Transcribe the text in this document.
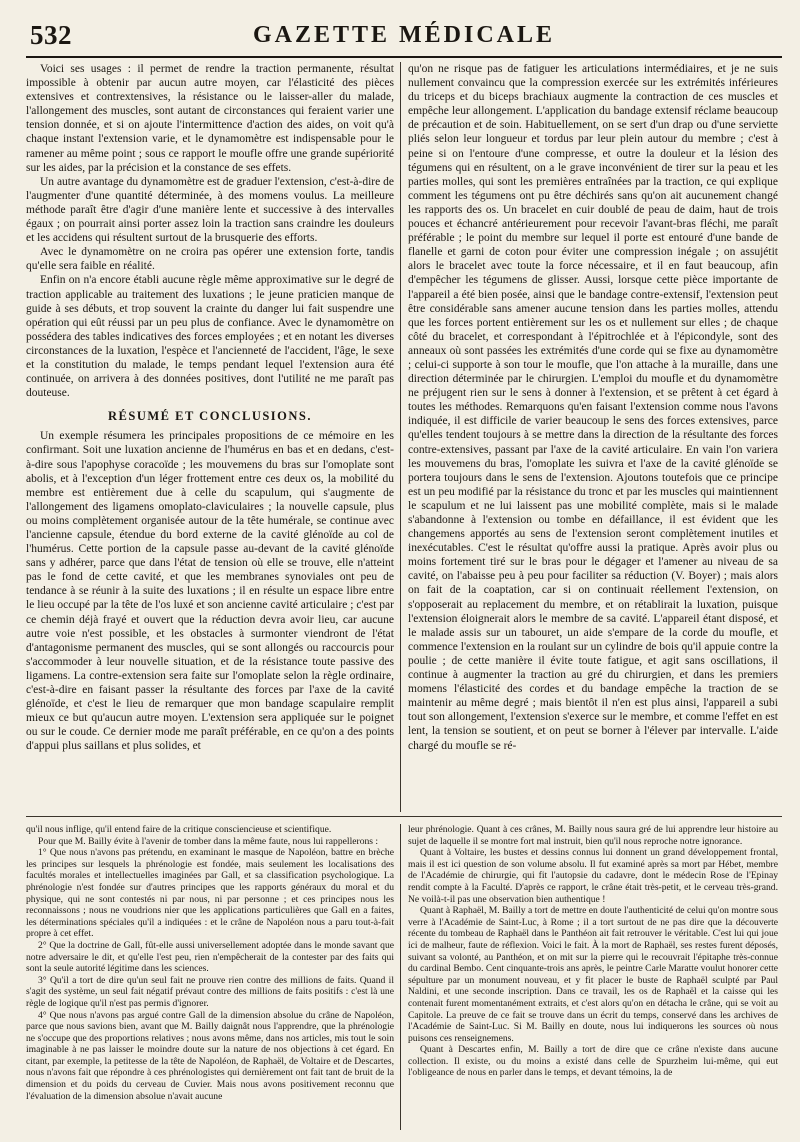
532	GAZETTE MÉDICALE

Voici ses usages : il permet de rendre la traction permanente, résultat impossible à obtenir par aucun autre moyen, car l'élasticité des pièces extensives et contrextensives, la résistance ou le laisser-aller du malade, l'allongement des muscles, sont autant de circonstances qui feraient varier une tension donnée, et si on ajoute l'intermittence d'action des aides, on voit qu'à chaque instant l'extension varie, et le dynamomètre est indispensable pour le ramener au même point ; sous ce rapport le moufle offre une grande supériorité sur les aides, par la précision et la constance de ses effets.

Un autre avantage du dynamomètre est de graduer l'extension, c'est-à-dire de l'augmenter d'une quantité déterminée, à des momens voulus. La meilleure méthode paraît être d'agir d'une manière lente et successive à des intervalles égaux ; on pourrait ainsi porter assez loin la traction sans craindre les douleurs et les accidens qui résultent surtout de la brusquerie des efforts.

Avec le dynamomètre on ne croira pas opérer une extension forte, tandis qu'elle sera faible en réalité.

Enfin on n'a encore établi aucune règle même approximative sur le degré de traction applicable au traitement des luxations ; le jeune praticien manque de guide à ses débuts, et trop souvent la crainte du danger lui fait suspendre une opération qui eût réussi par un peu plus de confiance. Avec le dynamomètre on posséderа des tables indicatives des forces employées ; et en notant les diverses circonstances de la luxation, l'espèce et l'ancienneté de l'accident, l'âge, le sexe et la constitution du malade, le temps pendant lequel l'extension aura été continuée, on arrivera à des données positives, dont l'utilité ne me paraît pas douteuse.

RÉSUMÉ ET CONCLUSIONS.

Un exemple résumera les principales propositions de ce mémoire en les confirmant. Soit une luxation ancienne de l'humérus en bas et en dedans, c'est-à-dire sous l'apophyse coracoïde ; les mouvemens du bras sur l'omoplate sont abolis, et à l'exception d'un léger frottement entre ces deux os, la mobilité du membre est entièrement due à celle du scapulum, qui s'augmente de l'allongement des ligamens omoplato-claviculaires ; la nouvelle capsule, plus ou moins complètement organisée autour de la tête humérale, se continue avec l'ancienne capsule, étendue du bord externe de la cavité glénoïde au col de l'humérus. Cette portion de la capsule passe au-devant de la cavité glénoïde sans y adhérer, parce que dans l'état de tension où elle se trouve, elle n'atteint pas le fond de cette cavité, et que les membranes synoviales ont peu de tendance à se réunir à la suite des luxations ; il en résulte un espace libre entre le lieu occupé par la tête de l'os luxé et son ancienne cavité articulaire ; c'est par ce chemin déjà frayé et ouvert que la réduction devra avoir lieu, car aucune autre voie n'est possible, et les obstacles à surmonter viendront de l'état d'antagonisme permanent des muscles, qui se sont allongés ou raccourcis pour s'accommoder à leur nouvelle situation, et de la résistance toute passive des ligamens. La contre-extension sera faite sur l'omoplate selon la règle ordinaire, c'est-à-dire en faisant passer la résultante des forces par l'axe de la cavité glénoïde, et c'est le lieu de remarquer que mon bandage scapulaire remplit mieux ce but qu'aucun autre moyen. L'extension sera appliquée sur le poignet ou sur le coude. Ce dernier mode me paraît préférable, en ce qu'on a des points d'appui plus saillans et plus solides, et

qu'on ne risque pas de fatiguer les articulations intermédiaires, et je ne suis nullement convaincu que la compression exercée sur les extrémités inférieures du triceps et du biceps brachiaux augmente la contraction de ces muscles et empêche leur allongement. L'application du bandage extensif réclame beaucoup de précaution et de soin. Habituellement, on se sert d'un drap ou d'une serviette pliés selon leur longueur et tordus par leur plein autour du membre ; c'est à peine si on l'entoure d'une compresse, et outre la douleur et la lésion des tégumens qui en résultent, on a le grave inconvénient de tirer sur la peau et les parties molles, qui sont les premières entraînées par la traction, ce qui explique comment les tégumens ont pu être déchirés sans qu'on ait aucunement changé les rapports des os. Un bracelet en cuir doublé de peau de daim, haut de trois pouces et échancré antérieurement pour recevoir l'avant-bras fléchi, me paraît préférable ; le point du membre sur lequel il porte est entouré d'une bande de flanelle et garni de coton pour éviter une compression inégale ; on assujétit alors le bracelet avec toute la force nécessaire, et il en faut beaucoup, afin d'empêcher les tégumens de glisser. Aussi, lorsque cette pièce importante de l'appareil a été bien posée, ainsi que le bandage contre-extensif, l'extension peut être considérable sans amener aucune tension dans les parties molles, attendu que les forces portent entièrement sur les os et nullement sur elles ; de chaque côté du bracelet, et correspondant à l'épitrochlée et à l'épicondyle, sont des anneaux où sont passées les extrémités d'une corde qui se fixe au dynamomètre ; celui-ci supporte à son tour le moufle, que l'on attache à la muraille, dans une direction déterminée par le chirurgien. L'emploi du moufle et du dynamomètre ne préjugent rien sur le sens à donner à l'extension, et se prêtent à cet égard à toutes les méthodes. Remarquons qu'en faisant l'extension comme nous l'avons indiquée, il est difficile de varier beaucoup le sens des forces extensives, parce qu'elles tendent toujours à se mettre dans la direction de la résultante des forces contre-extensives, passant par l'axe de la cavité articulaire. En vain l'on varierа les mouvemens du bras, l'omoplate les suivra et l'axe de la cavité glénoïde se portera toujours dans le sens de l'extension. Ajoutons toutefois que ce principe est un peu modifié par la résistance du tronc et par les muscles qui maintiennent le scapulum et ne lui laissent pas une mobilité complète, mais si le malade s'abandonne à l'extension ou tombe en défaillance, il est évident que les changemens apportés au sens de l'extension seront complètement inutiles et inexécutables. C'est le résultat qu'offre aussi la pratique. Après avoir plus ou moins fortement tiré sur le bras pour le dégager et l'amener au niveau de sa cavité, on l'abaisse peu à peu pour faciliter sa réduction (V. Boyer) ; mais alors on fait de la coaptation, car si on continuait réellement l'extension, on s'opposerait au replacement du membre, et on rétablirait la luxation, puisque l'extension éloignerait alors le membre de sa cavité. L'appareil étant disposé, et le malade assis sur un tabouret, un aide s'empare de la corde du moufle, et commence l'extension en la roulant sur un cylindre de bois qu'il appuie contre la poulie ; de cette manière il évite toute fatigue, et agit sans oscillations, il continue à augmenter la traction au gré du chirurgien, et dans les premiers momens l'élasticité des cordes et du bandage empêche la traction de se maintenir au même degré ; mais bientôt il n'en est plus ainsi, l'appareil a subi tout son allongement, l'extension s'exerce sur le membre, et comme l'effet en est lent, la tension se soutient, et on peut se borner à l'élever par intervalle. L'aide chargé du moufle se ré-

qu'il nous inflige, qu'il entend faire de la critique consciencieuse et scientifique.

Pour que M. Bailly évite à l'avenir de tomber dans la même faute, nous lui rappellerons :

1° Que nous n'avons pas prétendu, en examinant le masque de Napoléon, battre en brèche les principes sur lesquels la phrénologie est fondée, mais seulement les localisations des facultés morales et intellectuelles imaginées par Gall, et sa classification psychologique. La phrénologie n'est fondée sur d'autres principes que les rapports généraux du moral et du physique, qui ne sont contestés ni par nous, ni par personne ; et ces principes nous les reconnaissons ; nous ne voudrions nier que les applications particulières que Gall en a faites, les déterminations spéciales qu'il a indiquées : et le crâne de Napoléon nous a paru tout-à-fait propre à cet effet.

2° Que la doctrine de Gall, fût-elle aussi universellement adoptée dans le monde savant que notre adversaire le dit, et qu'elle l'est peu, rien n'empêcherait de la contester par des faits qui sont la seule autorité légitime dans les sciences.

3° Qu'il a tort de dire qu'un seul fait ne prouve rien contre des millions de faits. Quand il s'agit des système, un seul fait négatif prévaut contre des millions de faits positifs : c'est là une règle de logique qu'il n'est pas permis d'ignorer.

4° Que nous n'avons pas argué contre Gall de la dimension absolue du crâne de Napoléon, parce que nous savions bien, avant que M. Bailly daignât nous l'apprendre, que la phrénologie ne s'occupe que des proportions relatives ; nous avons même, dans nos articles, mis tout le soin imaginable à ne pas laisser le moindre doute sur la nature de nos objections à cet égard. En citant, par exemple, la petitesse de la tête de Napoléon, de Raphaël, de Voltaire et de Descartes, nous n'avons fait que répondre à ces phrénologistes qui dernièrement ont fait tant de bruit de la dimension et du poids du cerveau de Cuvier. Mais nous avons positivement reconnu que l'évaluation de la dimension absolue n'avait aucune

leur phrénologie. Quant à ces crânes, M. Bailly nous saura gré de lui apprendre leur histoire au sujet de laquelle il se montre fort mal instruit, bien qu'il nous reproche notre ignorance.

Quant à Voltaire, les bustes et dessins connus lui donnent un grand développement frontal, mais il est ici question de son volume absolu. Il fut examiné après sa mort par Hébet, membre de l'Académie de chirurgie, qui fit l'autopsie du cadavre, dont le médecin Rose de l'Epinay rendit compte à la Faculté. D'après ce rapport, le crâne était très-petit, et le cerveau très-grand. Ne voilà-t-il pas une observation bien authentique !

Quant à Raphaël, M. Bailly a tort de mettre en doute l'authenticité de celui qu'on montre sous verre à l'Académie de Saint-Luc, à Rome ; il a tort surtout de ne pas dire que la découverte récente du tombeau de Raphaël dans le Panthéon ait fait retrouver le véritable. C'est lui qui joue ici de malheur, faute de réflexion. Voici le fait. À la mort de Raphaël, ses restes furent déposés, suivant sa volonté, au Panthéon, et on mit sur la pierre qui le recouvrait l'épitaphe très-connue du cardinal Bembo. Cent cinquante-trois ans après, le peintre Carle Maratte voulut honorer cette sépulture par un monument nouveau, et y fit placer le buste de Raphaël sculpté par Paul Naldini, et une seconde inscription. Dans ce travail, les os de Raphaël et la caisse qui les contenait furent momentanément extraits, et c'est alors qu'on en détacha le crâne, qui se voit au Capitole. La preuve de ce fait se trouve dans un écrit du temps, conservé dans les archives de l'Académie de Saint-Luc. Si M. Bailly en doute, nous lui indiquerons les sources où nous puisons ces renseignemens.

Quant à Descartes enfin, M. Bailly a tort de dire que ce crâne n'existe dans aucune collection. Il existe, ou du moins a existé dans celle de Spurzheim lui-même, qui eut l'obligeance de nous en parler dans le temps, et devant témoins, la de
